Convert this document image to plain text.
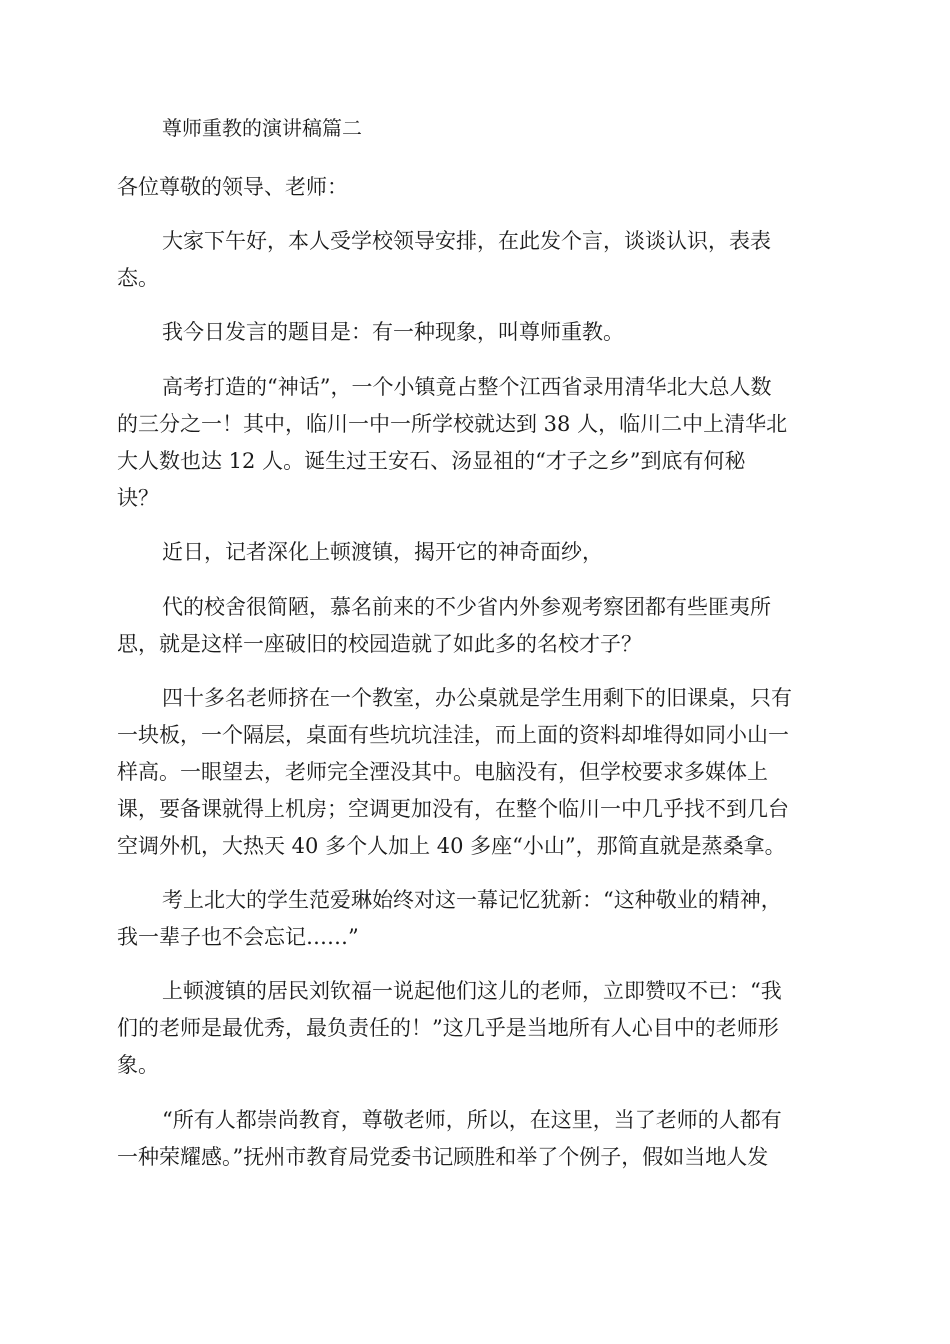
尊师重教的演讲稿篇二
各位尊敬的领导、老师：
大家下午好，本人受学校领导安排，在此发个言，谈谈认识，表表
态。
我今日发言的题目是：有一种现象，叫尊师重教。
高考打造的“神话”，一个小镇竟占整个江西省录用清华北大总人数
的三分之一！其中，临川一中一所学校就达到 38 人，临川二中上清华北
大人数也达 12 人。诞生过王安石、汤显祖的“才子之乡”到底有何秘
诀？
近日，记者深化上顿渡镇，揭开它的神奇面纱，
代的校舍很简陋，慕名前来的不少省内外参观考察团都有些匪夷所
思，就是这样一座破旧的校园造就了如此多的名校才子？
四十多名老师挤在一个教室，办公桌就是学生用剩下的旧课桌，只有
一块板，一个隔层，桌面有些坑坑洼洼，而上面的资料却堆得如同小山一
样高。一眼望去，老师完全湮没其中。电脑没有，但学校要求多媒体上
课，要备课就得上机房；空调更加没有，在整个临川一中几乎找不到几台
空调外机，大热天 40 多个人加上 40 多座“小山”，那简直就是蒸桑拿。
考上北大的学生范爱琳始终对这一幕记忆犹新：“这种敬业的精神，
我一辈子也不会忘记……”
上顿渡镇的居民刘钦福一说起他们这儿的老师，立即赞叹不已：“我
们的老师是最优秀，最负责任的！”这几乎是当地所有人心目中的老师形
象。
“所有人都崇尚教育，尊敬老师，所以，在这里，当了老师的人都有
一种荣耀感。”抚州市教育局党委书记顾胜和举了个例子，假如当地人发
